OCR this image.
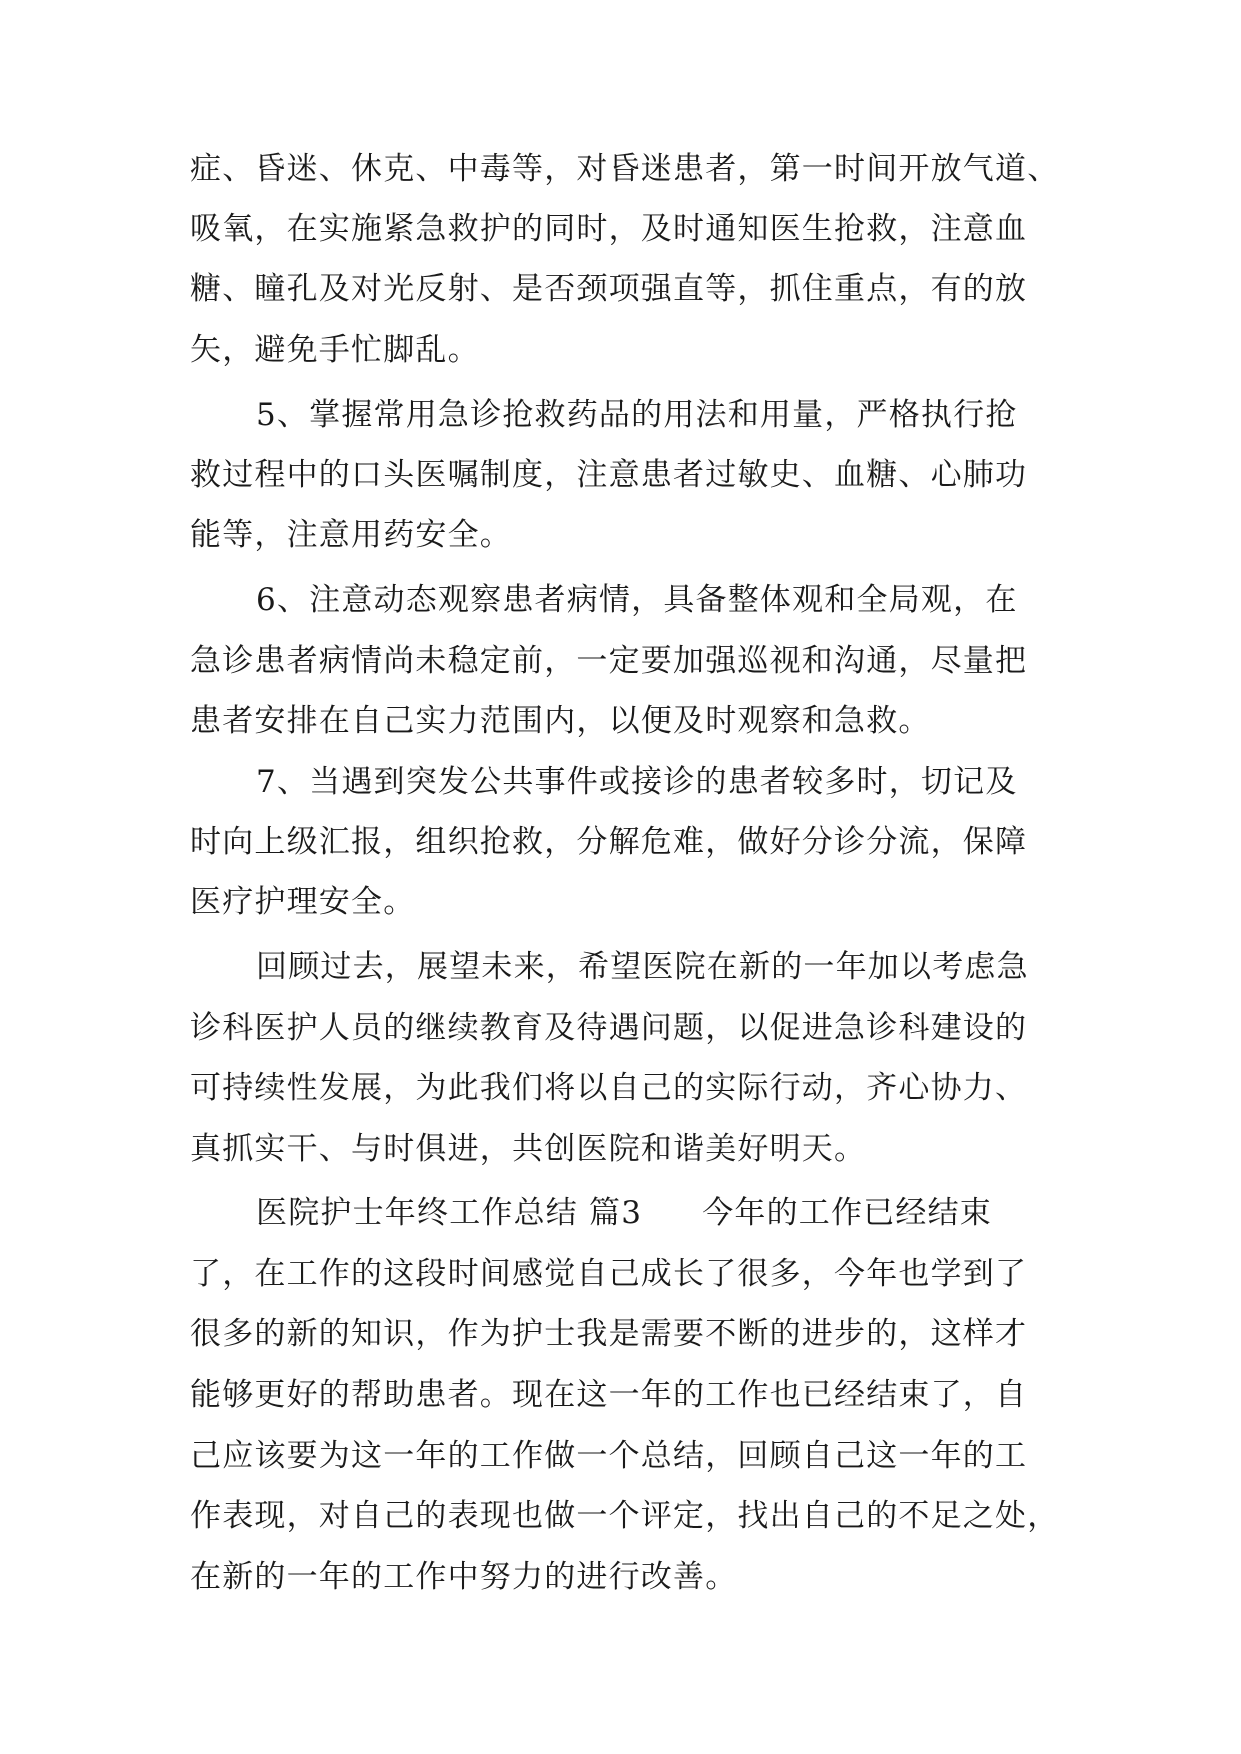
症、昏迷、休克、中毒等，对昏迷患者，第一时间开放气道、
吸氧，在实施紧急救护的同时，及时通知医生抢救，注意血
糖、瞳孔及对光反射、是否颈项强直等，抓住重点，有的放
矢，避免手忙脚乱。
5、掌握常用急诊抢救药品的用法和用量，严格执行抢
救过程中的口头医嘱制度，注意患者过敏史、血糖、心肺功
能等，注意用药安全。
6、注意动态观察患者病情，具备整体观和全局观，在
急诊患者病情尚未稳定前，一定要加强巡视和沟通，尽量把
患者安排在自己实力范围内，以便及时观察和急救。
7、当遇到突发公共事件或接诊的患者较多时，切记及
时向上级汇报，组织抢救，分解危难，做好分诊分流，保障
医疗护理安全。
回顾过去，展望未来，希望医院在新的一年加以考虑急
诊科医护人员的继续教育及待遇问题，以促进急诊科建设的
可持续性发展，为此我们将以自己的实际行动，齐心协力、
真抓实干、与时俱进，共创医院和谐美好明天。
医院护士年终工作总结 篇3 今年的工作已经结束
了，在工作的这段时间感觉自己成长了很多，今年也学到了
很多的新的知识，作为护士我是需要不断的进步的，这样才
能够更好的帮助患者。现在这一年的工作也已经结束了，自
己应该要为这一年的工作做一个总结，回顾自己这一年的工
作表现，对自己的表现也做一个评定，找出自己的不足之处，
在新的一年的工作中努力的进行改善。
